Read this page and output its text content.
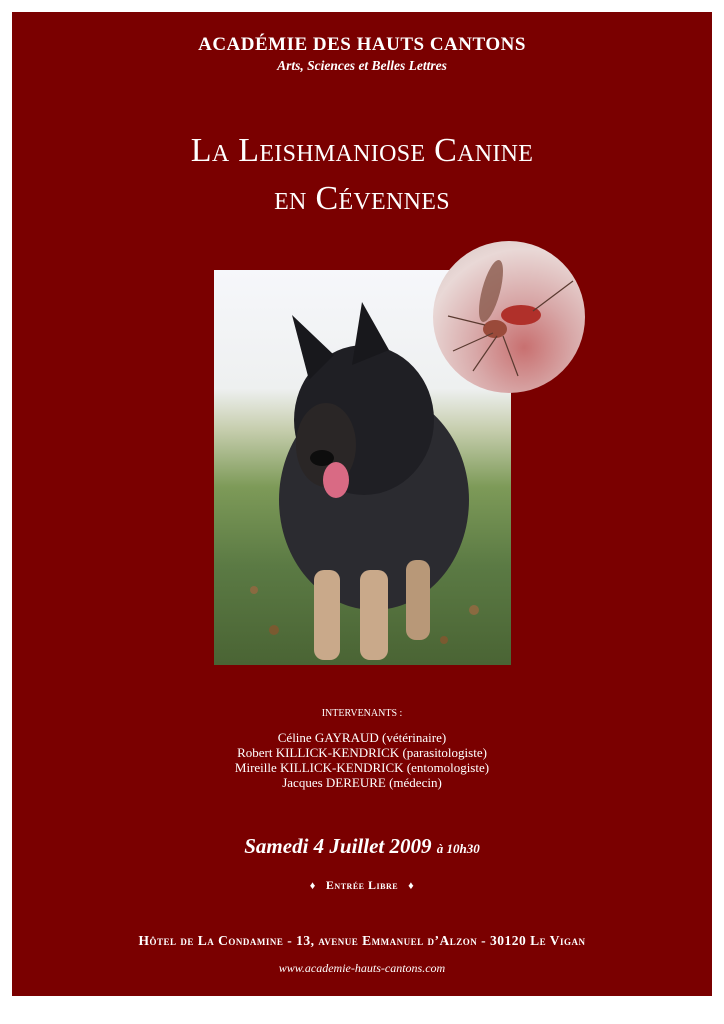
ACADÉMIE DES HAUTS CANTONS
Arts, Sciences et Belles Lettres
La Leishmaniose Canine
en Cévennes
INTERVENANTS :
Céline GAYRAUD (vétérinaire)
Robert KILLICK-KENDRICK (parasitologiste)
Mireille KILLICK-KENDRICK (entomologiste)
Jacques DEREURE (médecin)
Samedi 4 Juillet 2009 à 10h30
♦ Entrée Libre ♦
Hôtel de La Condamine - 13, avenue Emmanuel d’Alzon - 30120 Le Vigan
www.academie-hauts-cantons.com
